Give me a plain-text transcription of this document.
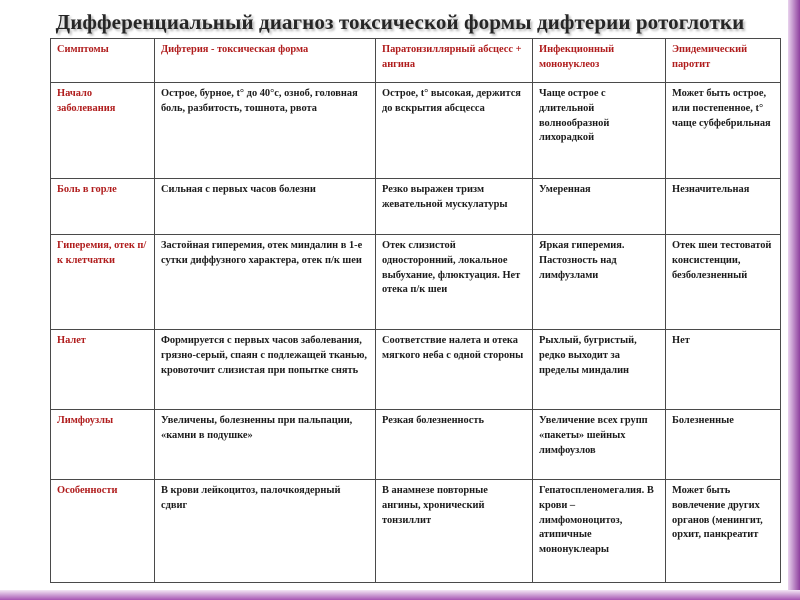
Дифференциальный диагноз токсической формы дифтерии ротоглотки
Симптомы	Дифтерия - токсическая форма	Паратонзиллярный абсцесс + ангина	Инфекционный мононуклеоз	Эпидемический паротит
Начало заболевания	Острое, бурное, t° до 40°с, озноб, головная боль, разбитость, тошнота, рвота	Острое, t° высокая, держится до вскрытия абсцесса	Чаще острое с длительной волнообразной лихорадкой	Может быть острое, или постепенное, t° чаще субфебрильная
Боль в горле	Сильная с первых часов болезни	Резко выражен тризм жевательной мускулатуры	Умеренная	Незначительная
Гиперемия, отек п/к клетчатки	Застойная гиперемия, отек миндалин в 1-е сутки диффузного характера, отек п/к шеи	Отек слизистой односторонний, локальное выбухание, флюктуация. Нет отека п/к шеи	Яркая гиперемия. Пастозность над лимфузлами	Отек шеи тестоватой консистенции, безболезненный
Налет	Формируется с первых часов заболевания, грязно-серый, спаян с подлежащей тканью, кровоточит слизистая при попытке снять	Соответствие налета и отека мягкого неба с одной стороны	Рыхлый, бугристый, редко выходит за пределы миндалин	Нет
Лимфоузлы	Увеличены, болезненны при пальпации, «камни в подушке»	Резкая болезненность	Увеличение всех групп «пакеты» шейных лимфоузлов	Болезненные
Особенности	В крови лейкоцитоз, палочкоядерный сдвиг	В анамнезе повторные ангины, хронический тонзиллит	Гепатоспленомегалия. В крови – лимфомоноцитоз, атипичные мононуклеары	Может быть вовлечение других органов (менингит, орхит, панкреатит
